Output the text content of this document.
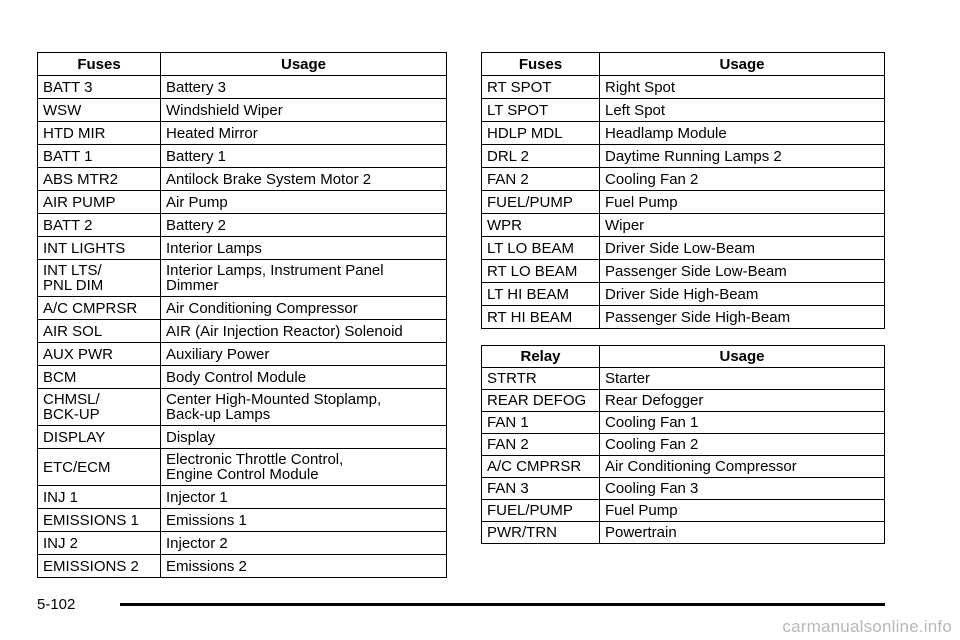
Fuses	Usage
BATT 3	Battery 3
WSW	Windshield Wiper
HTD MIR	Heated Mirror
BATT 1	Battery 1
ABS MTR2	Antilock Brake System Motor 2
AIR PUMP	Air Pump
BATT 2	Battery 2
INT LIGHTS	Interior Lamps
INT LTS/
PNL DIM	Interior Lamps, Instrument Panel
Dimmer
A/C CMPRSR	Air Conditioning Compressor
AIR SOL	AIR (Air Injection Reactor) Solenoid
AUX PWR	Auxiliary Power
BCM	Body Control Module
CHMSL/
BCK-UP	Center High-Mounted Stoplamp,
Back-up Lamps
DISPLAY	Display
ETC/ECM	Electronic Throttle Control,
Engine Control Module
INJ 1	Injector 1
EMISSIONS 1	Emissions 1
INJ 2	Injector 2
EMISSIONS 2	Emissions 2
Fuses	Usage
RT SPOT	Right Spot
LT SPOT	Left Spot
HDLP MDL	Headlamp Module
DRL 2	Daytime Running Lamps 2
FAN 2	Cooling Fan 2
FUEL/PUMP	Fuel Pump
WPR	Wiper
LT LO BEAM	Driver Side Low-Beam
RT LO BEAM	Passenger Side Low-Beam
LT HI BEAM	Driver Side High-Beam
RT HI BEAM	Passenger Side High-Beam
Relay	Usage
STRTR	Starter
REAR DEFOG	Rear Defogger
FAN 1	Cooling Fan 1
FAN 2	Cooling Fan 2
A/C CMPRSR	Air Conditioning Compressor
FAN 3	Cooling Fan 3
FUEL/PUMP	Fuel Pump
PWR/TRN	Powertrain
5-102
carmanualsonline.info
